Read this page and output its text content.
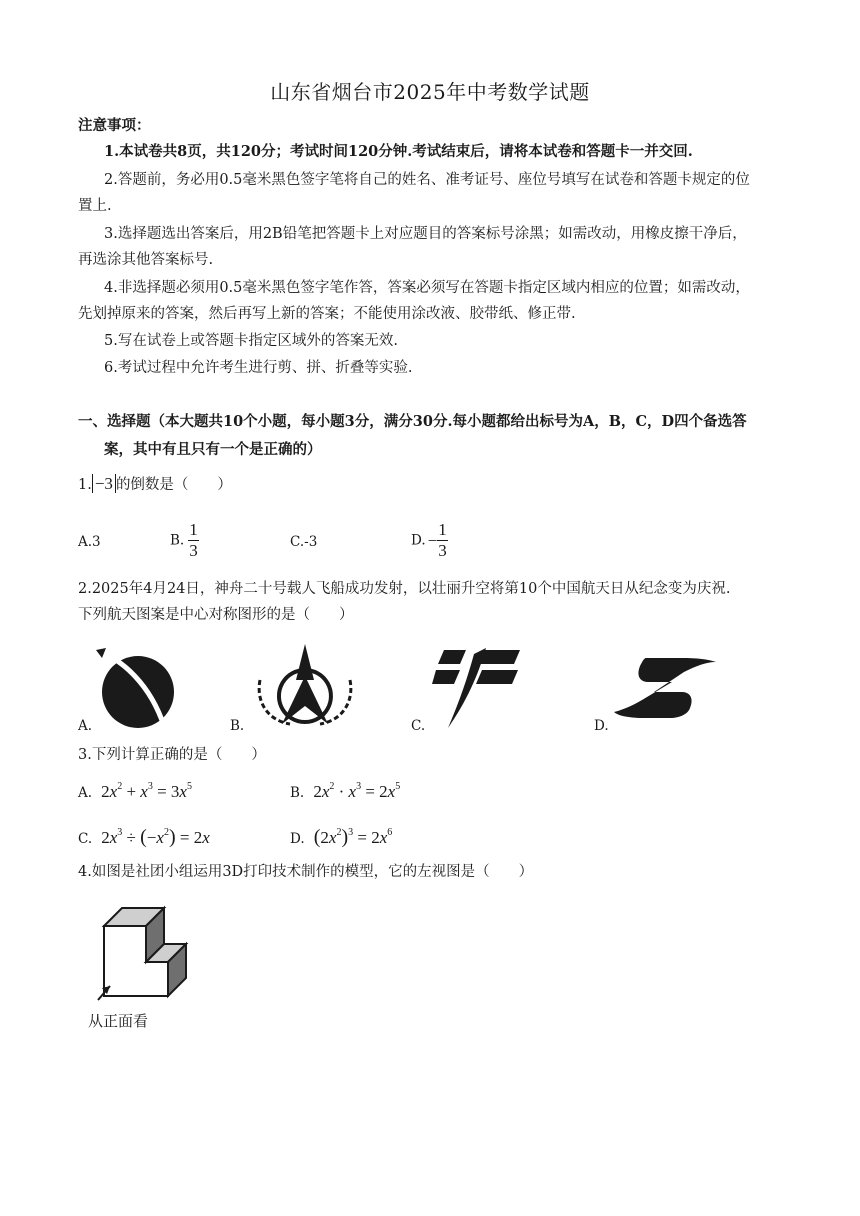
山东省烟台市2025年中考数学试题
注意事项：
1.本试卷共8页，共120分；考试时间120分钟.考试结束后，请将本试卷和答题卡一并交回.
2.答题前，务必用0.5毫米黑色签字笔将自己的姓名、准考证号、座位号填写在试卷和答题卡规定的位
置上.
3.选择题选出答案后，用2B铅笔把答题卡上对应题目的答案标号涂黑；如需改动，用橡皮擦干净后，
再选涂其他答案标号.
4.非选择题必须用0.5毫米黑色签字笔作答，答案必须写在答题卡指定区域内相应的位置；如需改动，
先划掉原来的答案，然后再写上新的答案；不能使用涂改液、胶带纸、修正带.
5.写在试卷上或答题卡指定区域外的答案无效.
6.考试过程中允许考生进行剪、拼、折叠等实验.
一、选择题（本大题共10个小题，每小题3分，满分30分.每小题都给出标号为A，B，C，D四个备选答
案，其中有且只有一个是正确的）
1. −3 的倒数是（　　）
A.3	B. $\frac{1}{3}$	C.-3	D. − $\frac{1}{3}$
2.2025年4月24日，神舟二十号载人飞船成功发射，以壮丽升空将第10个中国航天日从纪念变为庆祝.
下列航天图案是中心对称图形的是（　　）
A.	B.	C.	D.
3.下列计算正确的是（　　）
A. $2x^2 + x^3 = 3x^5$	B. $2x^2 \cdot x^3 = 2x^5$
C. $2x^3 \div (-x^2) = 2x$	D. $(2x^2)^3 = 2x^6$
4.如图是社团小组运用3D打印技术制作的模型，它的左视图是（　　）
从正面看
